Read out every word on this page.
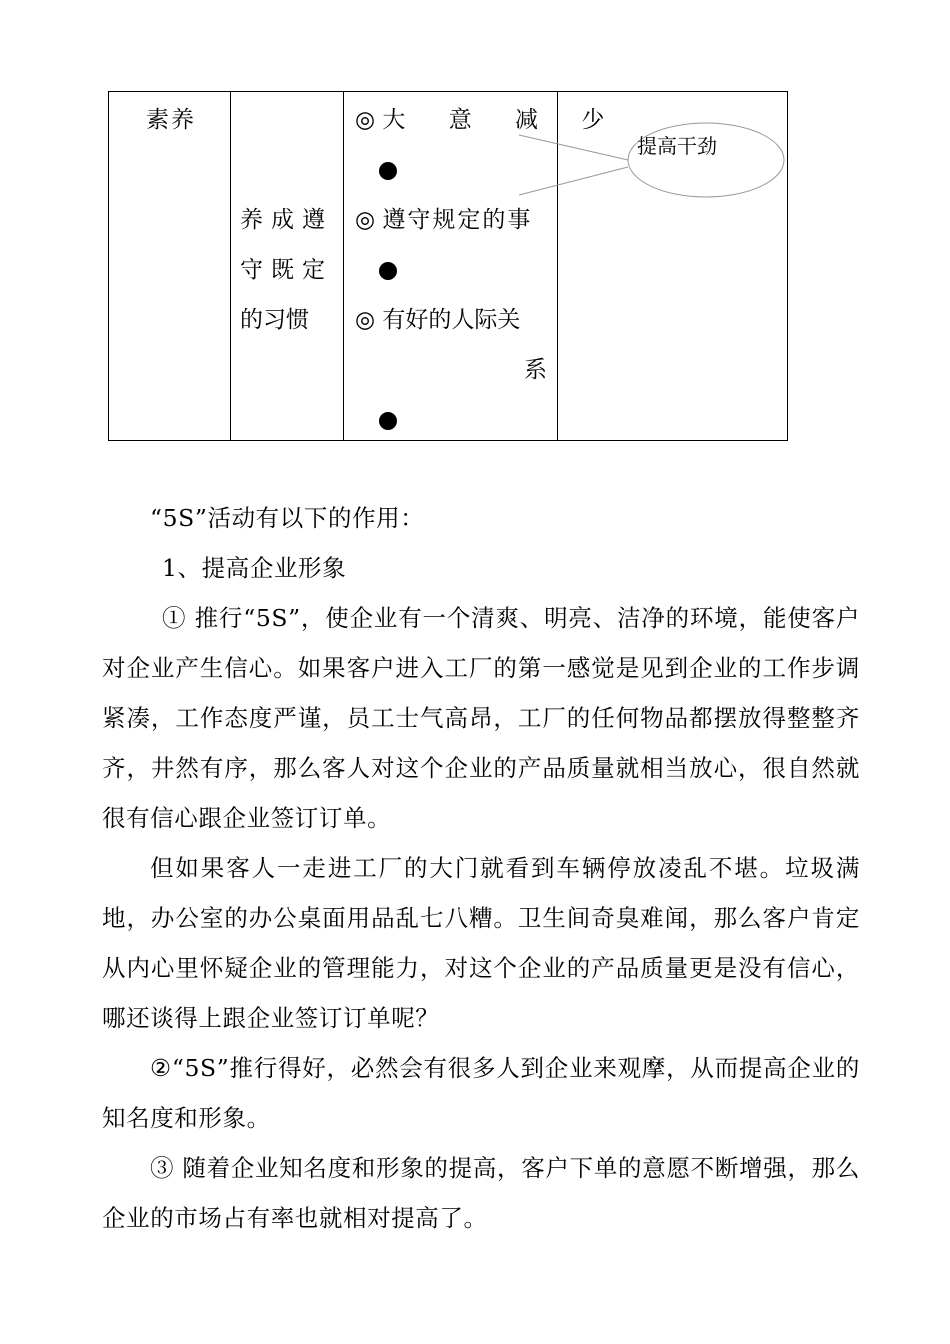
素养
养成遵
守既定
的习惯
◎ 大 意 减 少
◎ 遵守规定的事
◎ 有好的人际关
系
提高干劲

“5S”活动有以下的作用：

1、提高企业形象

① 推行“5S”，使企业有一个清爽、明亮、洁净的环境，能使客户对企业产生信心。如果客户进入工厂的第一感觉是见到企业的工作步调紧凑，工作态度严谨，员工士气高昂，工厂的任何物品都摆放得整整齐齐，井然有序，那么客人对这个企业的产品质量就相当放心，很自然就很有信心跟企业签订订单。

但如果客人一走进工厂的大门就看到车辆停放凌乱不堪。垃圾满地，办公室的办公桌面用品乱七八糟。卫生间奇臭难闻，那么客户肯定从内心里怀疑企业的管理能力，对这个企业的产品质量更是没有信心，哪还谈得上跟企业签订订单呢？

②“5S”推行得好，必然会有很多人到企业来观摩，从而提高企业的知名度和形象。

③ 随着企业知名度和形象的提高，客户下单的意愿不断增强，那么企业的市场占有率也就相对提高了。
